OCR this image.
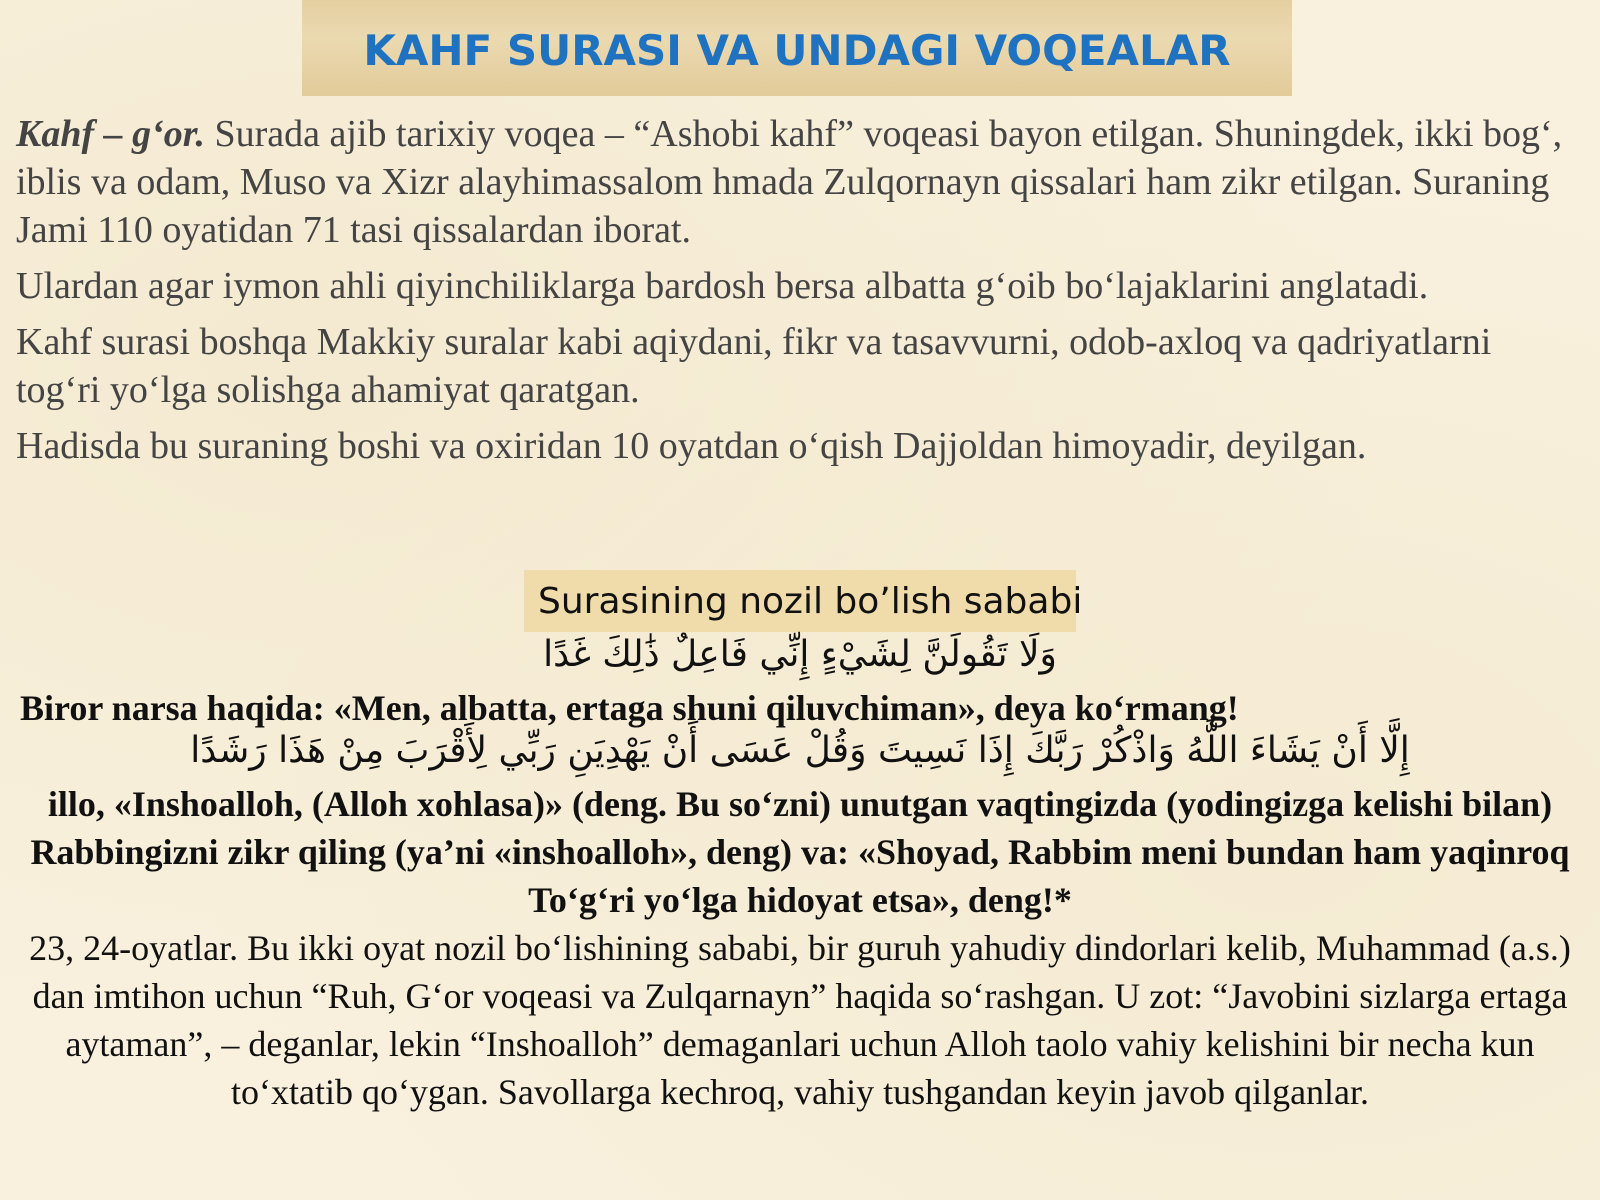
KAHF SURASI VA UNDAGI VOQEALAR

Kahf – g‘or. Surada ajib tarixiy voqea – “Ashobi kahf” voqeasi bayon etilgan. Shuningdek, ikki bog‘, iblis va odam, Muso va Xizr alayhimassalom hmada Zulqornayn qissalari ham zikr etilgan. Suraning Jami 110 oyatidan 71 tasi qissalardan iborat.

Ulardan agar iymon ahli qiyinchiliklarga bardosh bersa albatta g‘oib bo‘lajaklarini anglatadi.

Kahf surasi boshqa Makkiy suralar kabi aqiydani, fikr va tasavvurni, odob-axloq va qadriyatlarni tog‘ri yo‘lga solishga ahamiyat qaratgan.

Hadisda bu suraning boshi va oxiridan 10 oyatdan o‘qish Dajjoldan himoyadir, deyilgan.

Surasining nozil bo’lish sababi
وَلَا تَقُولَنَّ لِشَيْءٍ إِنِّي فَاعِلٌ ذَٰلِكَ غَدًا
Biror narsa haqida: «Men, albatta, ertaga shuni qiluvchiman», deya ko‘rmang!
إِلَّا أَنْ يَشَاءَ اللَّهُ وَاذْكُرْ رَبَّكَ إِذَا نَسِيتَ وَقُلْ عَسَى أَنْ يَهْدِيَنِ رَبِّي لِأَقْرَبَ مِنْ هَذَا رَشَدًا
illo, «Inshoalloh, (Alloh xohlasa)» (deng. Bu so‘zni) unutgan vaqtingizda (yodingizga kelishi bilan) Rabbingizni zikr qiling (ya’ni «inshoalloh», deng) va: «Shoyad, Rabbim meni bundan ham yaqinroq To‘g‘ri yo‘lga hidoyat etsa», deng!*
23, 24-oyatlar. Bu ikki oyat nozil bo‘lishining sababi, bir guruh yahudiy dindorlari kelib, Muhammad (a.s.) dan imtihon uchun “Ruh, G‘or voqeasi va Zulqarnayn” haqida so‘rashgan. U zot: “Javobini sizlarga ertaga aytaman”, – deganlar, lekin “Inshoalloh” demaganlari uchun Alloh taolo vahiy kelishini bir necha kun to‘xtatib qo‘ygan. Savollarga kechroq, vahiy tushgandan keyin javob qilganlar.
